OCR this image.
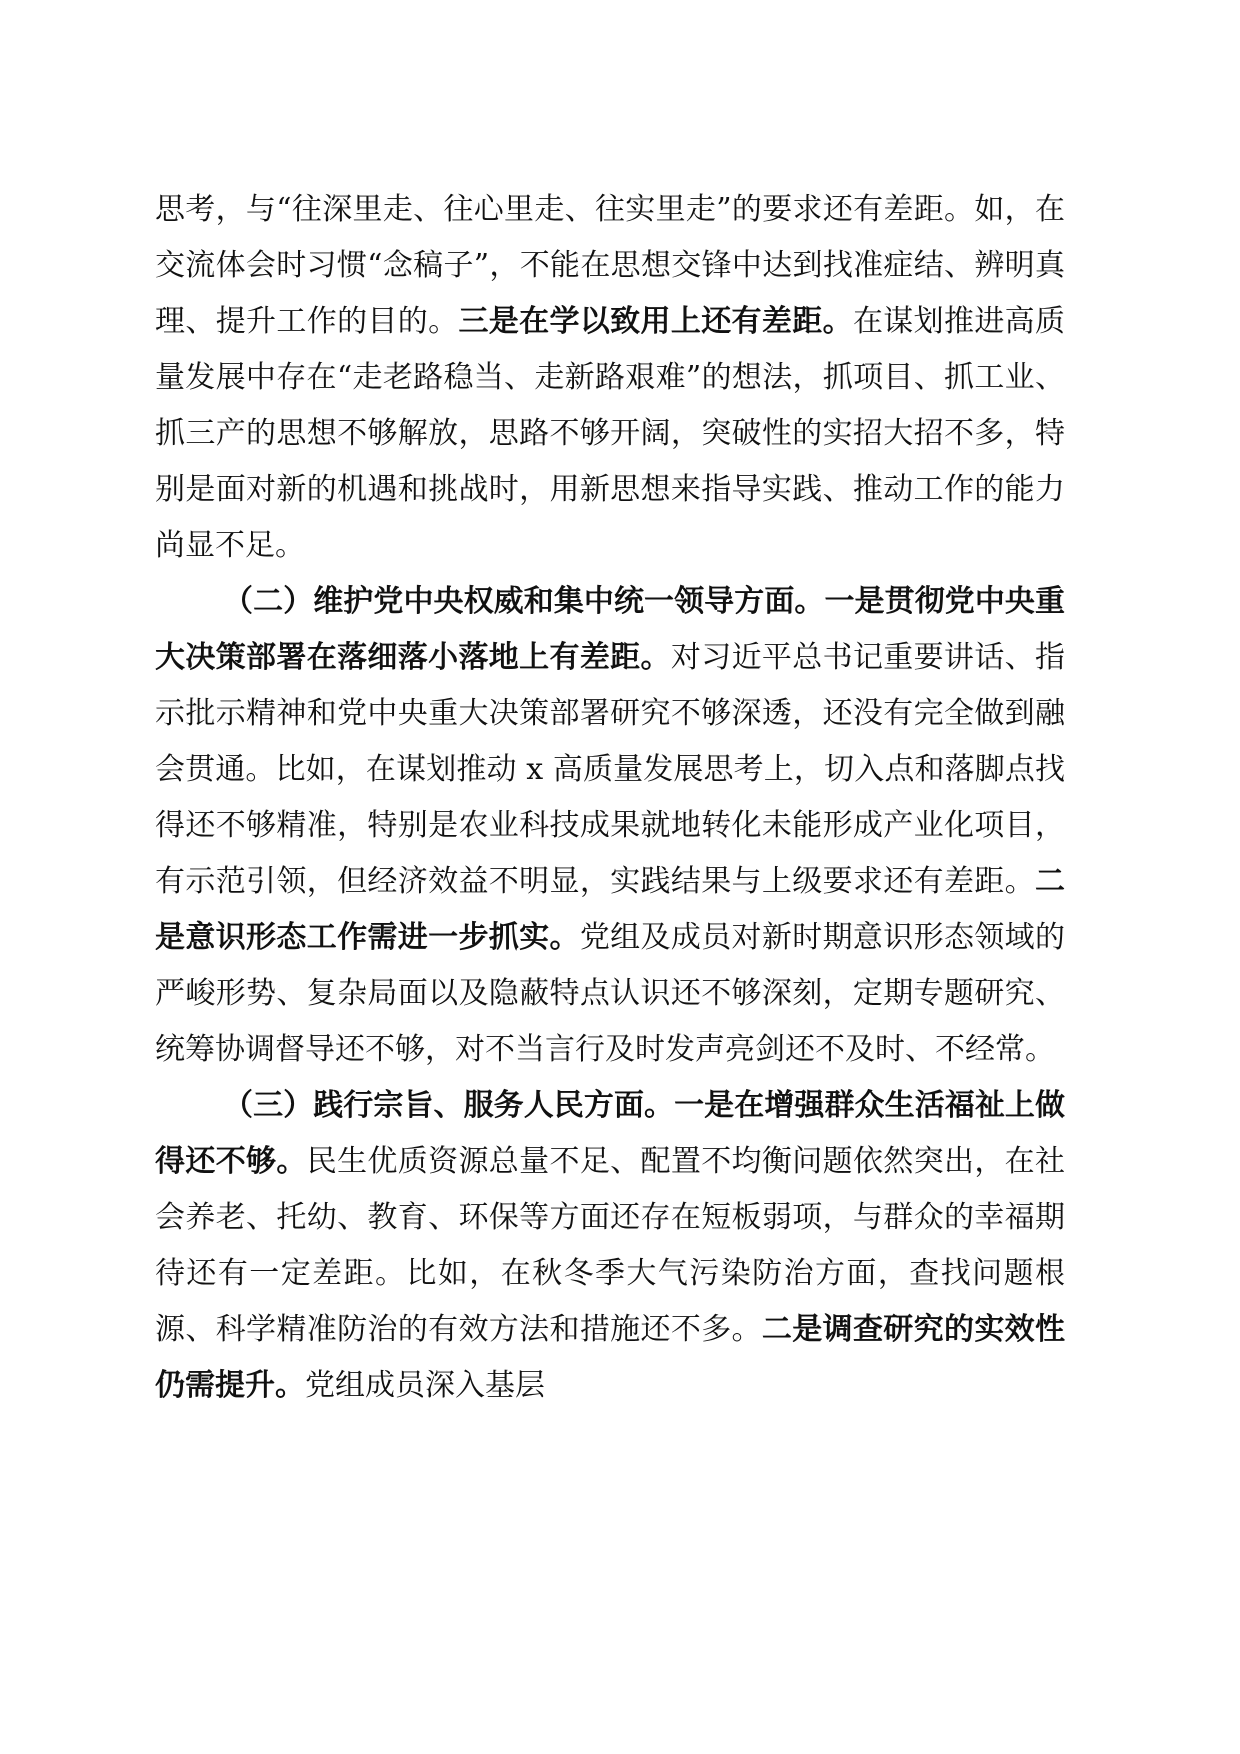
思考，与“往深里走、往心里走、往实里走”的要求还有差距。如，在交流体会时习惯“念稿子”，不能在思想交锋中达到找准症结、辨明真理、提升工作的目的。三是在学以致用上还有差距。在谋划推进高质量发展中存在“走老路稳当、走新路艰难”的想法，抓项目、抓工业、抓三产的思想不够解放，思路不够开阔，突破性的实招大招不多，特别是面对新的机遇和挑战时，用新思想来指导实践、推动工作的能力尚显不足。

（二）维护党中央权威和集中统一领导方面。一是贯彻党中央重大决策部署在落细落小落地上有差距。对习近平总书记重要讲话、指示批示精神和党中央重大决策部署研究不够深透，还没有完全做到融会贯通。比如，在谋划推动 x 高质量发展思考上，切入点和落脚点找得还不够精准，特别是农业科技成果就地转化未能形成产业化项目，有示范引领，但经济效益不明显，实践结果与上级要求还有差距。二是意识形态工作需进一步抓实。党组及成员对新时期意识形态领域的严峻形势、复杂局面以及隐蔽特点认识还不够深刻，定期专题研究、统筹协调督导还不够，对不当言行及时发声亮剑还不及时、不经常。

（三）践行宗旨、服务人民方面。一是在增强群众生活福祉上做得还不够。民生优质资源总量不足、配置不均衡问题依然突出，在社会养老、托幼、教育、环保等方面还存在短板弱项，与群众的幸福期待还有一定差距。比如，在秋冬季大气污染防治方面，查找问题根源、科学精准防治的有效方法和措施还不多。二是调查研究的实效性仍需提升。党组成员深入基层
